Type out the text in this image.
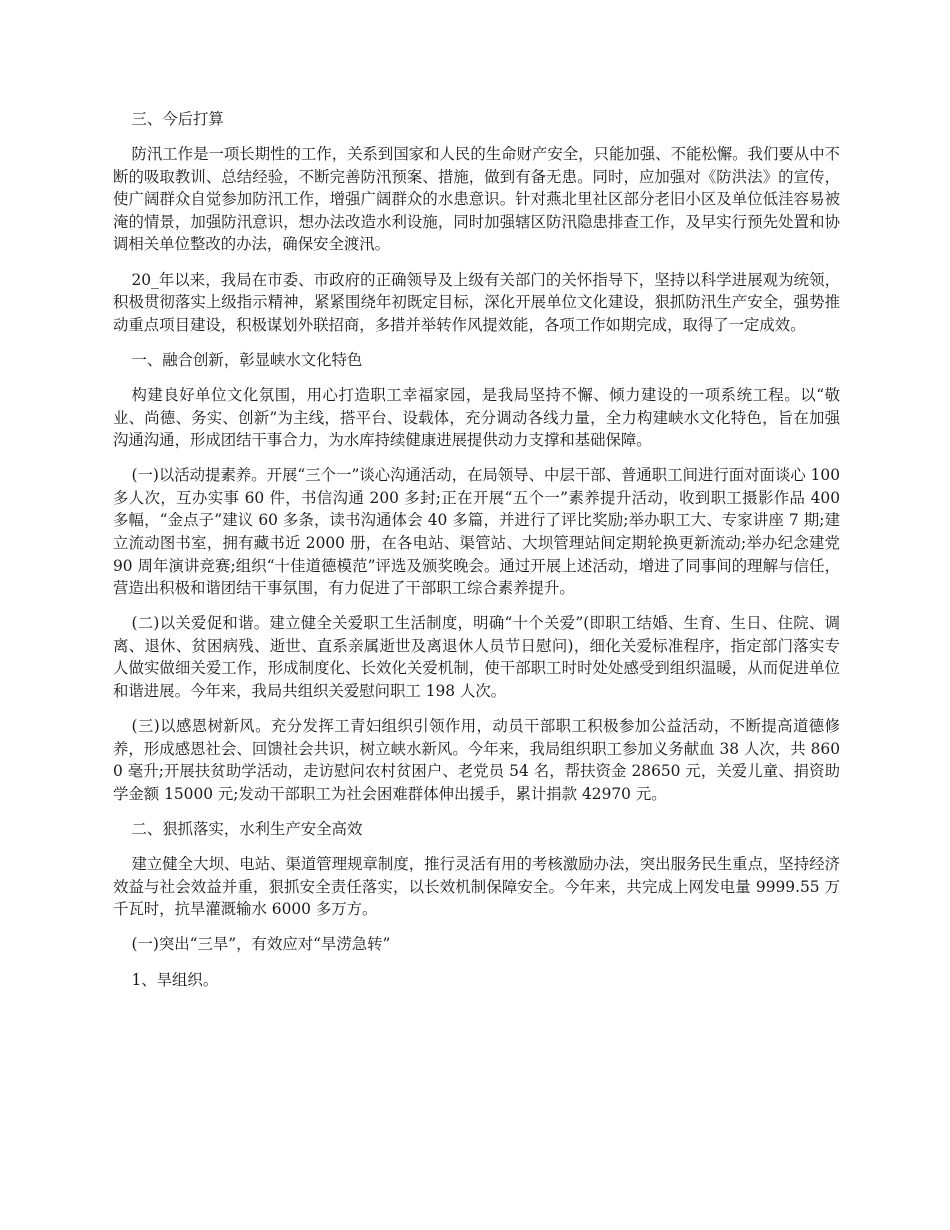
三、今后打算

防汛工作是一项长期性的工作，关系到国家和人民的生命财产安全，只能加强、不能松懈。我们要从中不断的吸取教训、总结经验，不断完善防汛预案、措施，做到有备无患。同时，应加强对《防洪法》的宣传，使广阔群众自觉参加防汛工作，增强广阔群众的水患意识。针对燕北里社区部分老旧小区及单位低洼容易被淹的情景，加强防汛意识，想办法改造水利设施，同时加强辖区防汛隐患排查工作，及早实行预先处置和协调相关单位整改的办法，确保安全渡汛。

20_年以来，我局在市委、市政府的正确领导及上级有关部门的关怀指导下，坚持以科学进展观为统领，积极贯彻落实上级指示精神，紧紧围绕年初既定目标，深化开展单位文化建设，狠抓防汛生产安全，强势推动重点项目建设，积极谋划外联招商，多措并举转作风提效能，各项工作如期完成，取得了一定成效。

一、融合创新，彰显峡水文化特色

构建良好单位文化氛围，用心打造职工幸福家园，是我局坚持不懈、倾力建设的一项系统工程。以“敬业、尚德、务实、创新”为主线，搭平台、设载体，充分调动各线力量，全力构建峡水文化特色，旨在加强沟通沟通，形成团结干事合力，为水库持续健康进展提供动力支撑和基础保障。

(一)以活动提素养。开展“三个一”谈心沟通活动，在局领导、中层干部、普通职工间进行面对面谈心 100 多人次，互办实事 60 件，书信沟通 200 多封;正在开展“五个一”素养提升活动，收到职工摄影作品 400 多幅，“金点子”建议 60 多条，读书沟通体会 40 多篇，并进行了评比奖励;举办职工大、专家讲座 7 期;建立流动图书室，拥有藏书近 2000 册，在各电站、渠管站、大坝管理站间定期轮换更新流动;举办纪念建党 90 周年演讲竞赛;组织“十佳道德模范”评选及颁奖晚会。通过开展上述活动，增进了同事间的理解与信任，营造出积极和谐团结干事氛围，有力促进了干部职工综合素养提升。

(二)以关爱促和谐。建立健全关爱职工生活制度，明确“十个关爱”(即职工结婚、生育、生日、住院、调离、退休、贫困病残、逝世、直系亲属逝世及离退休人员节日慰问)，细化关爱标准程序，指定部门落实专人做实做细关爱工作，形成制度化、长效化关爱机制，使干部职工时时处处感受到组织温暖，从而促进单位和谐进展。今年来，我局共组织关爱慰问职工 198 人次。

(三)以感恩树新风。充分发挥工青妇组织引领作用，动员干部职工积极参加公益活动，不断提高道德修养，形成感恩社会、回馈社会共识，树立峡水新风。今年来，我局组织职工参加义务献血 38 人次，共 8600 毫升;开展扶贫助学活动，走访慰问农村贫困户、老党员 54 名，帮扶资金 28650 元，关爱儿童、捐资助学金额 15000 元;发动干部职工为社会困难群体伸出援手，累计捐款 42970 元。

二、狠抓落实，水利生产安全高效

建立健全大坝、电站、渠道管理规章制度，推行灵活有用的考核激励办法，突出服务民生重点，坚持经济效益与社会效益并重，狠抓安全责任落实，以长效机制保障安全。今年来，共完成上网发电量 9999.55 万千瓦时，抗旱灌溉输水 6000 多万方。

(一)突出“三旱”，有效应对“旱涝急转”

1、旱组织。
